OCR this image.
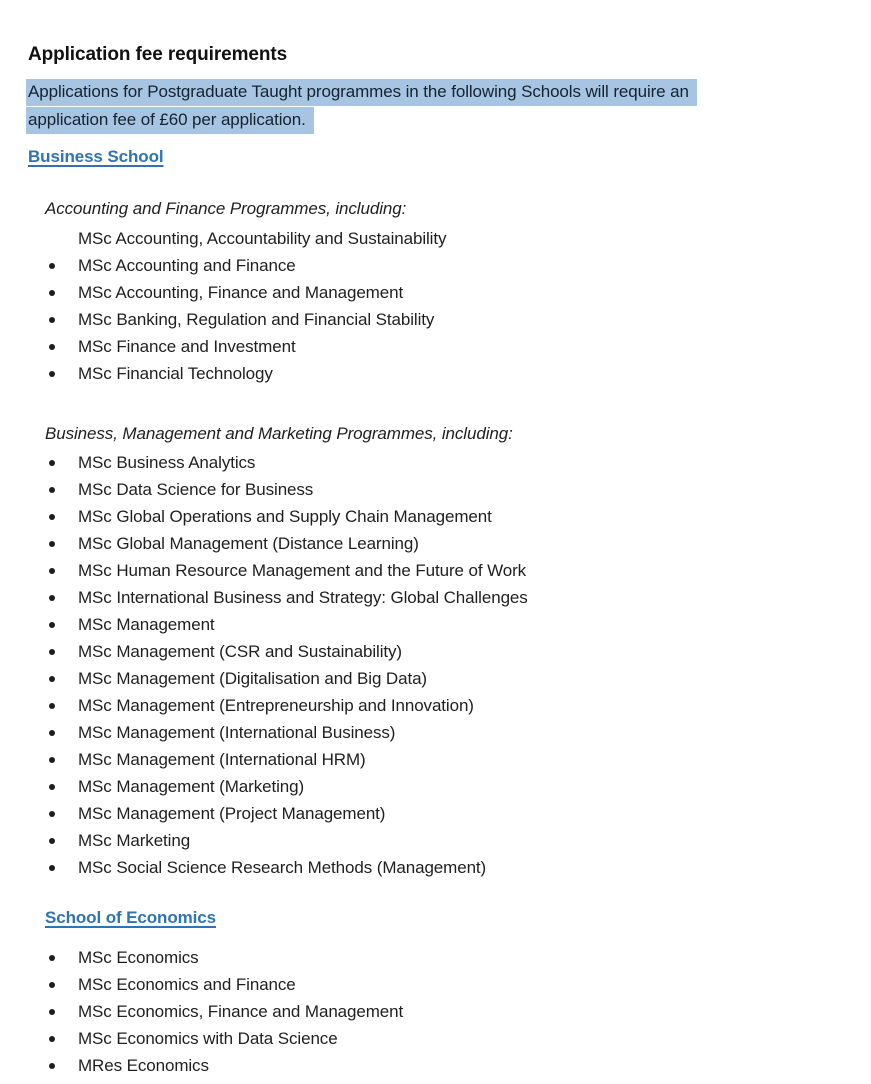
Application fee requirements
Applications for Postgraduate Taught programmes in the following Schools will require an
application fee of £60 per application.
Business School

Accounting and Finance Programmes, including:

MSc Accounting, Accountability and Sustainability

MSc Accounting and Finance
MSc Accounting, Finance and Management
MSc Banking, Regulation and Financial Stability
MSc Finance and Investment
MSc Financial Technology

Business, Management and Marketing Programmes, including:

MSc Business Analytics
MSc Data Science for Business
MSc Global Operations and Supply Chain Management
MSc Global Management (Distance Learning)
MSc Human Resource Management and the Future of Work
MSc International Business and Strategy: Global Challenges
MSc Management
MSc Management (CSR and Sustainability)
MSc Management (Digitalisation and Big Data)
MSc Management (Entrepreneurship and Innovation)
MSc Management (International Business)
MSc Management (International HRM)
MSc Management (Marketing)
MSc Management (Project Management)
MSc Marketing
MSc Social Science Research Methods (Management)
School of Economics
MSc Economics
MSc Economics and Finance
MSc Economics, Finance and Management
MSc Economics with Data Science
MRes Economics
